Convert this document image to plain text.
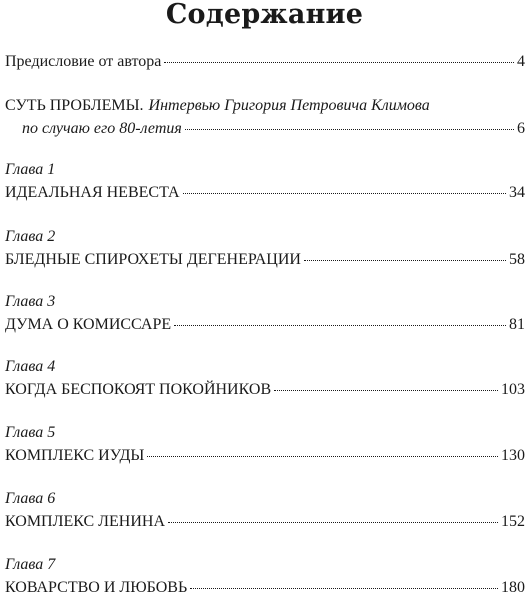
Содержание
Предисловие от автора	4
СУТЬ ПРОБЛЕМЫ. Интервью Григория Петровича Климова
по случаю его 80-летия	6
Глава 1
ИДЕАЛЬНАЯ НЕВЕСТА	34
Глава 2
БЛЕДНЫЕ СПИРОХЕТЫ ДЕГЕНЕРАЦИИ	58
Глава 3
ДУМА О КОМИССАРЕ	81
Глава 4
КОГДА БЕСПОКОЯТ ПОКОЙНИКОВ	103
Глава 5
КОМПЛЕКС ИУДЫ	130
Глава 6
КОМПЛЕКС ЛЕНИНА	152
Глава 7
КОВАРСТВО И ЛЮБОВЬ	180
